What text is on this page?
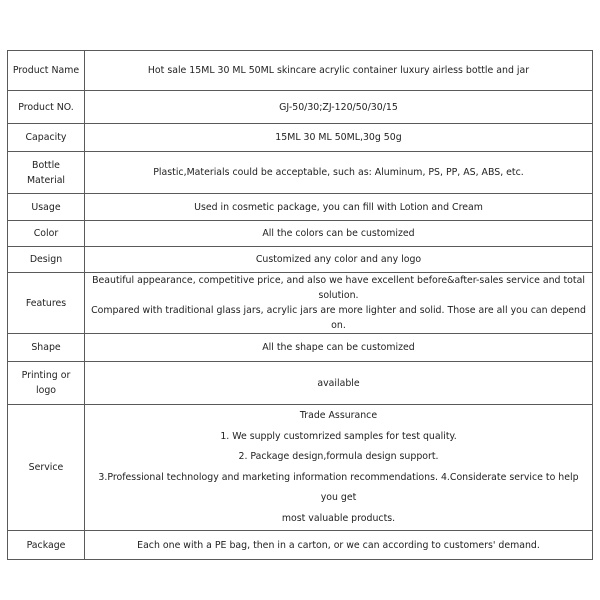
Product Name	Hot sale 15ML 30 ML 50ML skincare acrylic container luxury airless bottle and jar
Product NO.	GJ-50/30;ZJ-120/50/30/15
Capacity	15ML 30 ML 50ML,30g 50g
Bottle Material	Plastic,Materials could be acceptable, such as: Aluminum, PS, PP, AS, ABS, etc.
Usage	Used in cosmetic package, you can fill with Lotion and Cream
Color	All the colors can be customized
Design	Customized any color and any logo
Features	Beautiful appearance, competitive price, and also we have excellent before&after-sales service and total solution.
Compared with traditional glass jars, acrylic jars are more lighter and solid. Those are all you can depend on.

Shape	All the shape can be customized
Printing or logo	available
Service	Trade Assurance
1. We supply customrized samples for test quality.
2. Package design,formula design support.
3.Professional technology and marketing information recommendations. 4.Considerate service to help you get
most valuable products.

Package	Each one with a PE bag, then in a carton, or we can according to customers' demand.
